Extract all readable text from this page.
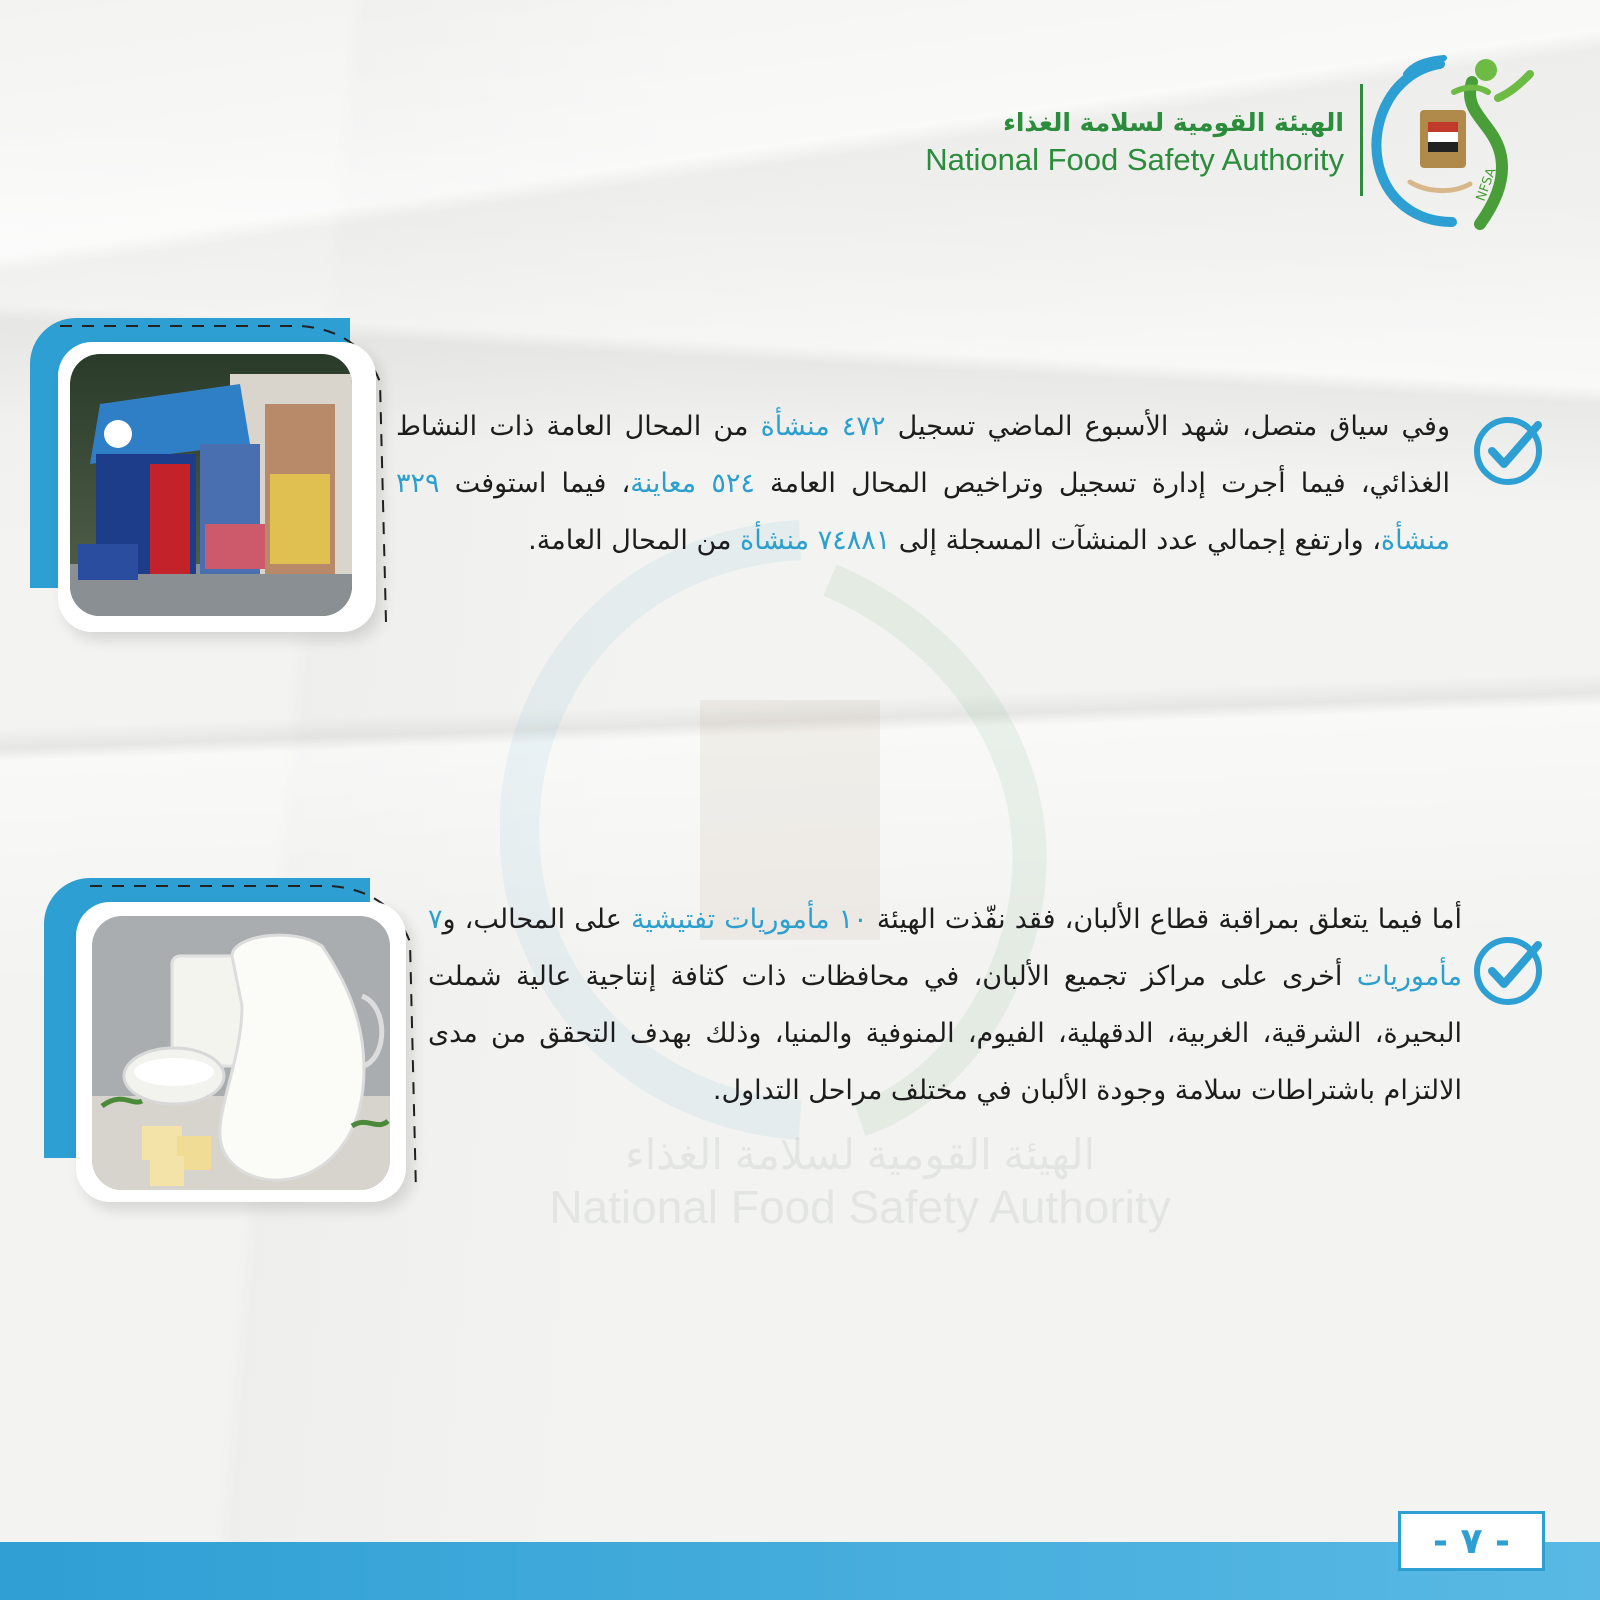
الهيئة القومية لسلامة الغذاء
National Food Safety Authority
الهيئة القومية لسلامة الغذاء
National Food Safety Authority
NFSA
وفي سياق متصل، شهد الأسبوع الماضي تسجيل ٤٧٢ منشأة من المحال العامة ذات النشاط الغذائي، فيما أجرت إدارة تسجيل وتراخيص المحال العامة ٥٢٤ معاينة، فيما استوفت ٣٢٩ منشأة، وارتفع إجمالي عدد المنشآت المسجلة إلى ٧٤٨٨١ منشأة من المحال العامة.
أما فيما يتعلق بمراقبة قطاع الألبان، فقد نفّذت الهيئة ١٠ مأموريات تفتيشية على المحالب، و٧ مأموريات أخرى على مراكز تجميع الألبان، في محافظات ذات كثافة إنتاجية عالية شملت البحيرة، الشرقية، الغربية، الدقهلية، الفيوم، المنوفية والمنيا، وذلك بهدف التحقق من مدى الالتزام باشتراطات سلامة وجودة الألبان في مختلف مراحل التداول.
- ٧ -
